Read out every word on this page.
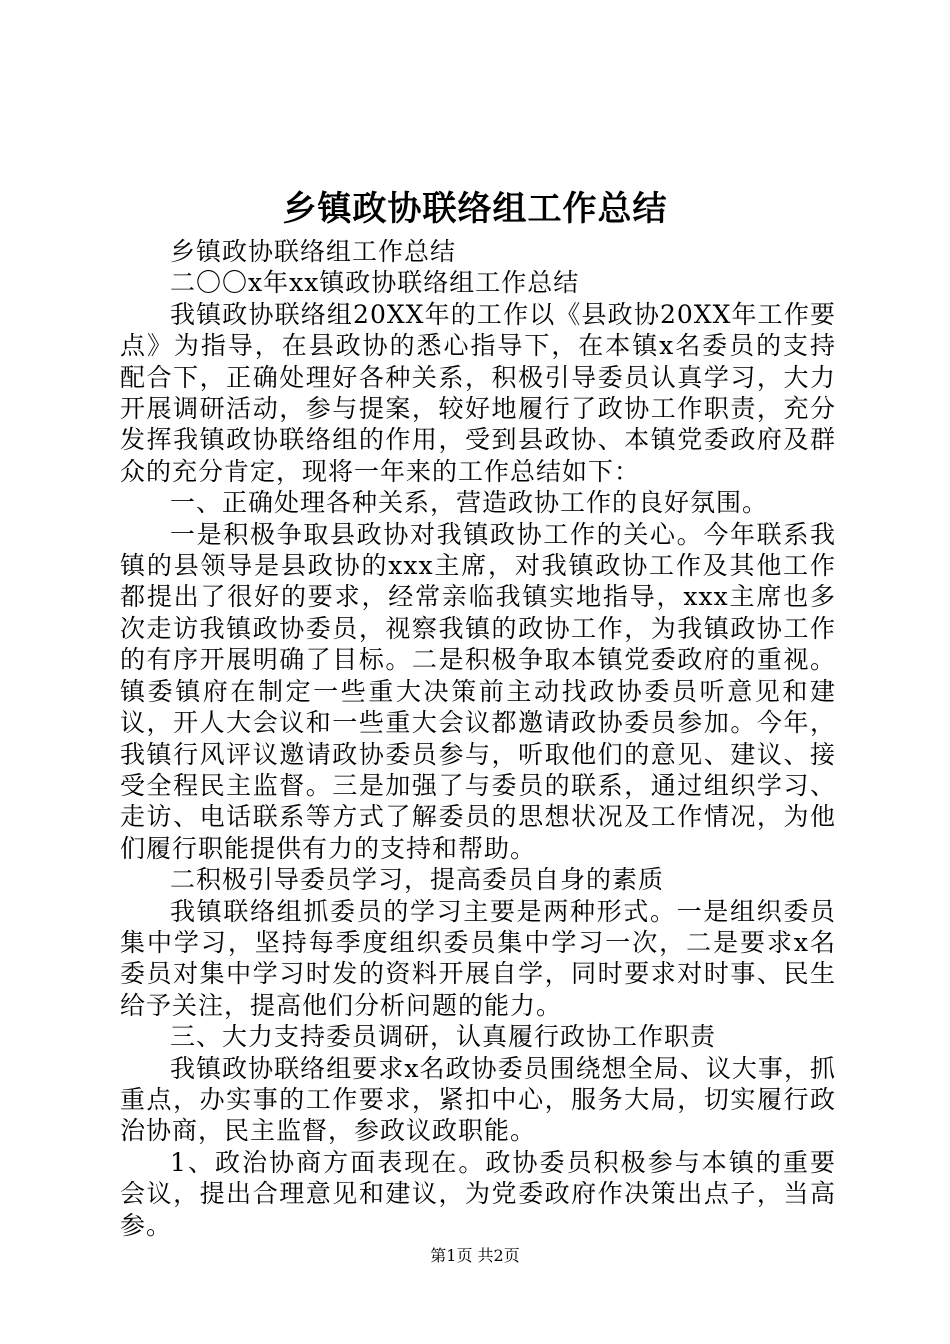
乡镇政协联络组工作总结

乡镇政协联络组工作总结

二〇〇x年xx镇政协联络组工作总结

我镇政协联络组20XX年的工作以《县政协20XX年工作要点》为指导，在县政协的悉心指导下，在本镇x名委员的支持配合下，正确处理好各种关系，积极引导委员认真学习，大力开展调研活动，参与提案，较好地履行了政协工作职责，充分发挥我镇政协联络组的作用，受到县政协、本镇党委政府及群众的充分肯定，现将一年来的工作总结如下：

一、正确处理各种关系，营造政协工作的良好氛围。

一是积极争取县政协对我镇政协工作的关心。今年联系我镇的县领导是县政协的xxx主席，对我镇政协工作及其他工作都提出了很好的要求，经常亲临我镇实地指导，xxx主席也多次走访我镇政协委员，视察我镇的政协工作，为我镇政协工作的有序开展明确了目标。二是积极争取本镇党委政府的重视。镇委镇府在制定一些重大决策前主动找政协委员听意见和建议，开人大会议和一些重大会议都邀请政协委员参加。今年，我镇行风评议邀请政协委员参与，听取他们的意见、建议、接受全程民主监督。三是加强了与委员的联系，通过组织学习、走访、电话联系等方式了解委员的思想状况及工作情况，为他们履行职能提供有力的支持和帮助。

二积极引导委员学习，提高委员自身的素质

我镇联络组抓委员的学习主要是两种形式。一是组织委员集中学习，坚持每季度组织委员集中学习一次，二是要求x名委员对集中学习时发的资料开展自学，同时要求对时事、民生给予关注，提高他们分析问题的能力。

三、大力支持委员调研，认真履行政协工作职责

我镇政协联络组要求x名政协委员围绕想全局、议大事，抓重点，办实事的工作要求，紧扣中心，服务大局，切实履行政治协商，民主监督，参政议政职能。

1、政治协商方面表现在。政协委员积极参与本镇的重要会议，提出合理意见和建议，为党委政府作决策出点子，当高参。

第1页 共2页
